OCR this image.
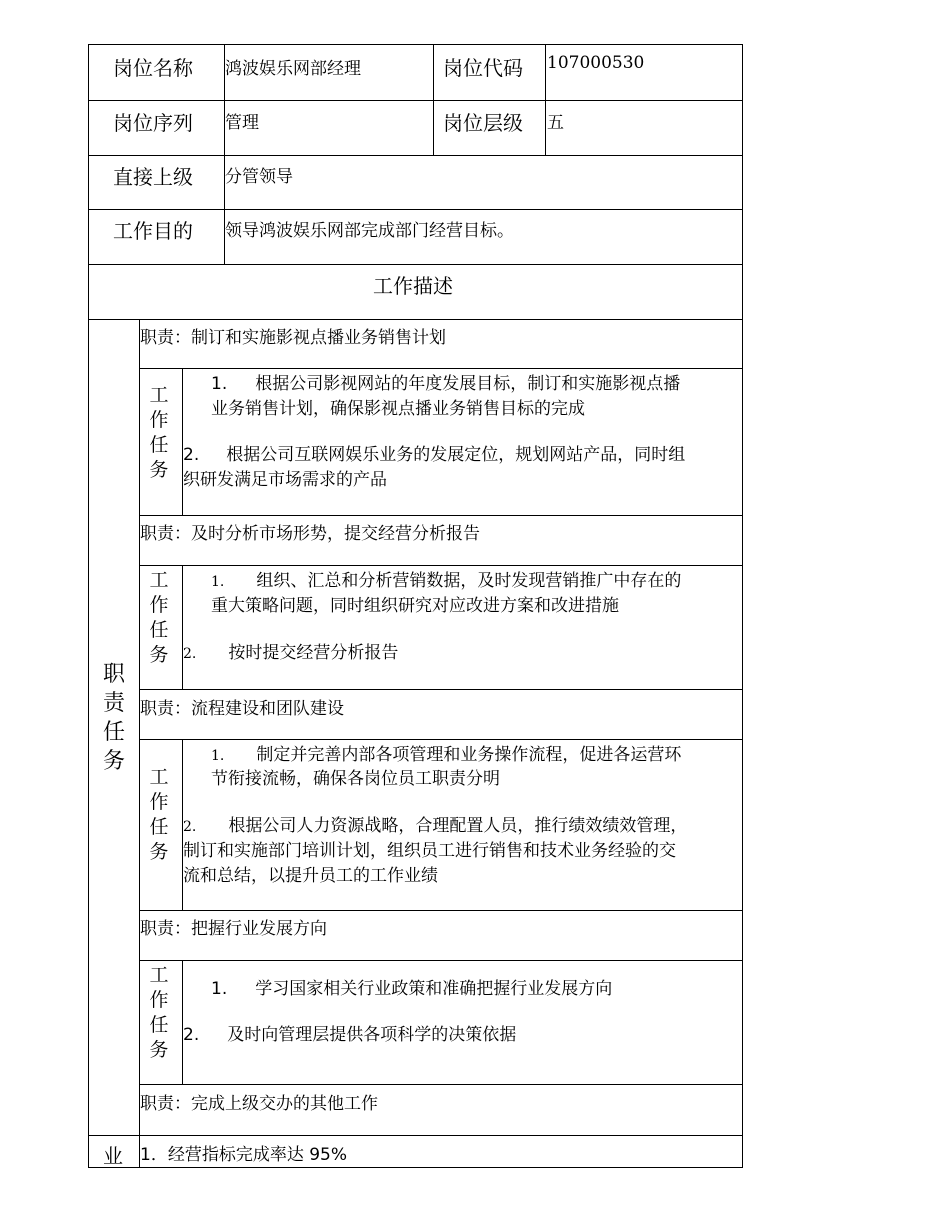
岗位名称 鸿波娱乐网部经理	岗位代码 107000530
岗位序列 管理	岗位层级 五
直接上级 分管领导
工作目的 领导鸿波娱乐网部完成部门经营目标。
工作描述
职责任务
职责：制订和实施影视点播业务销售计划
工作任务
1. 根据公司影视网站的年度发展目标，制订和实施影视点播
业务销售计划，确保影视点播业务销售目标的完成
2. 根据公司互联网娱乐业务的发展定位，规划网站产品，同时组
织研发满足市场需求的产品
职责：及时分析市场形势，提交经营分析报告
工作任务
1. 组织、汇总和分析营销数据，及时发现营销推广中存在的
重大策略问题，同时组织研究对应改进方案和改进措施
2. 按时提交经营分析报告
职责：流程建设和团队建设
工作任务
1. 制定并完善内部各项管理和业务操作流程，促进各运营环
节衔接流畅，确保各岗位员工职责分明
2. 根据公司人力资源战略，合理配置人员，推行绩效绩效管理，
制订和实施部门培训计划，组织员工进行销售和技术业务经验的交
流和总结，以提升员工的工作业绩
职责：把握行业发展方向
工作任务
1. 学习国家相关行业政策和准确把握行业发展方向
2. 及时向管理层提供各项科学的决策依据
职责：完成上级交办的其他工作
业 1．经营指标完成率达 95%
